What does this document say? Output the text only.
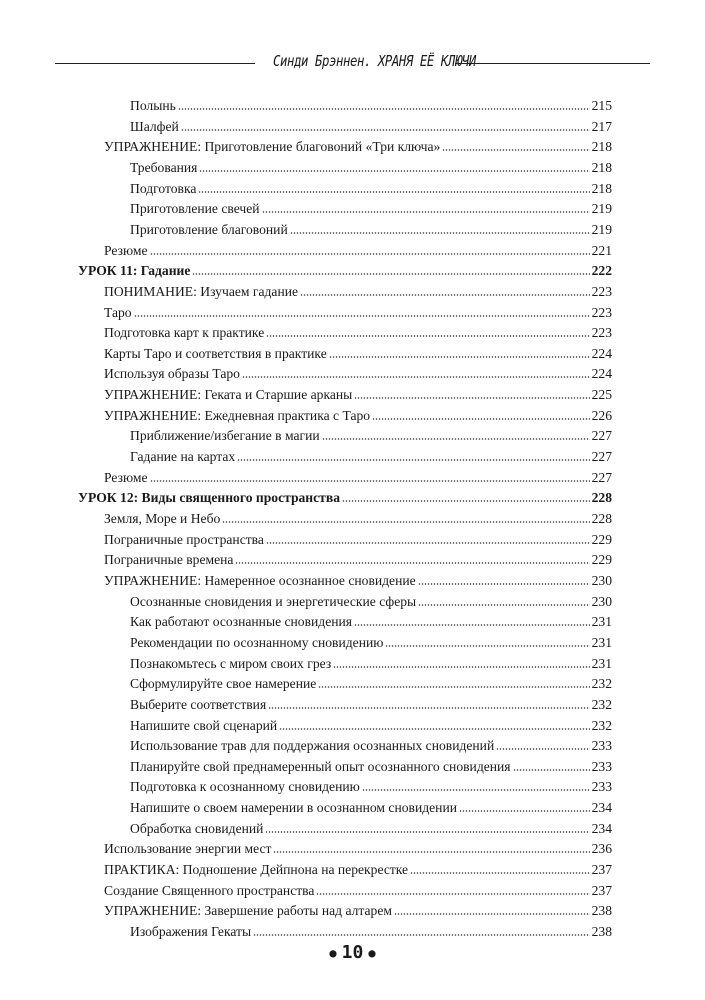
Синди Брэннен. ХРАНЯ ЕЁ КЛЮЧИ
Полынь	215
Шалфей	217
УПРАЖНЕНИЕ: Приготовление благовоний «Три ключа»	218
Требования	218
Подготовка	218
Приготовление свечей	219
Приготовление благовоний	219
Резюме	221
УРОК 11: Гадание	222
ПОНИМАНИЕ: Изучаем гадание	223
Таро	223
Подготовка карт к практике	223
Карты Таро и соответствия в практике	224
Используя образы Таро	224
УПРАЖНЕНИЕ: Геката и Старшие арканы	225
УПРАЖНЕНИЕ: Ежедневная практика с Таро	226
Приближение/избегание в магии	227
Гадание на картах	227
Резюме	227
УРОК 12: Виды священного пространства	228
Земля, Море и Небо	228
Пограничные пространства	229
Пограничные времена	229
УПРАЖНЕНИЕ: Намеренное осознанное сновидение	230
Осознанные сновидения и энергетические сферы	230
Как работают осознанные сновидения	231
Рекомендации по осознанному сновидению	231
Познакомьтесь с миром своих грез	231
Сформулируйте свое намерение	232
Выберите соответствия	232
Напишите свой сценарий	232
Использование трав для поддержания осознанных сновидений	233
Планируйте свой преднамеренный опыт осознанного сновидения	233
Подготовка к осознанному сновидению	233
Напишите о своем намерении в осознанном сновидении	234
Обработка сновидений	234
Использование энергии мест	236
ПРАКТИКА: Подношение Дейпнона на перекрестке	237
Создание Священного пространства	237
УПРАЖНЕНИЕ: Завершение работы над алтарем	238
Изображения Гекаты	238
● 10 ●
